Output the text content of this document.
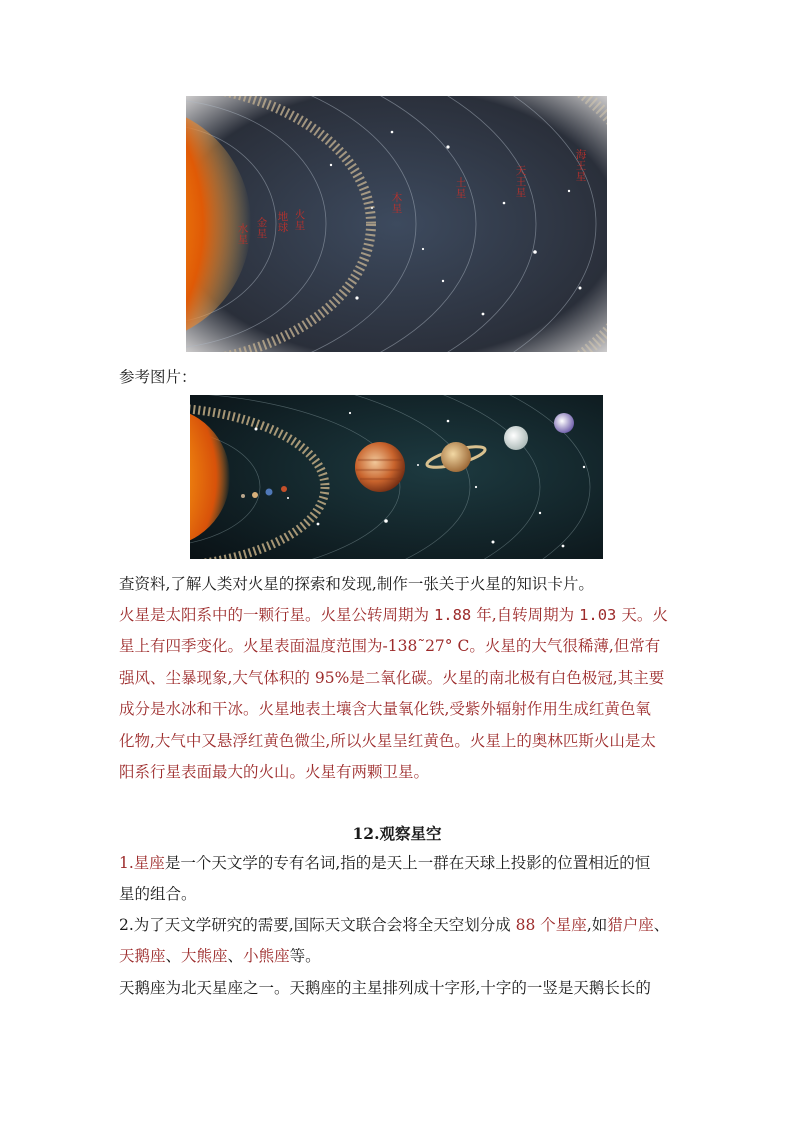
水星
金星
地球
火星
木星
土星
天王星
海王星
参考图片：
查资料,了解人类对火星的探索和发现,制作一张关于火星的知识卡片。
火星是太阳系中的一颗行星。火星公转周期为 1.88 年,自转周期为 1.03 天。火
星上有四季变化。火星表面温度范围为-138˜27° C。火星的大气很稀薄,但常有
强风、尘暴现象,大气体积的 95%是二氧化碳。火星的南北极有白色极冠,其主要
成分是水冰和干冰。火星地表土壤含大量氧化铁,受紫外辐射作用生成红黄色氧
化物,大气中又悬浮红黄色微尘,所以火星呈红黄色。火星上的奥林匹斯火山是太
阳系行星表面最大的火山。火星有两颗卫星。
12.观察星空
1.星座是一个天文学的专有名词,指的是天上一群在天球上投影的位置相近的恒
星的组合。
2.为了天文学研究的需要,国际天文联合会将全天空划分成 88 个星座,如猎户座、
天鹅座、大熊座、小熊座等。
天鹅座为北天星座之一。天鹅座的主星排列成十字形,十字的一竖是天鹅长长的
